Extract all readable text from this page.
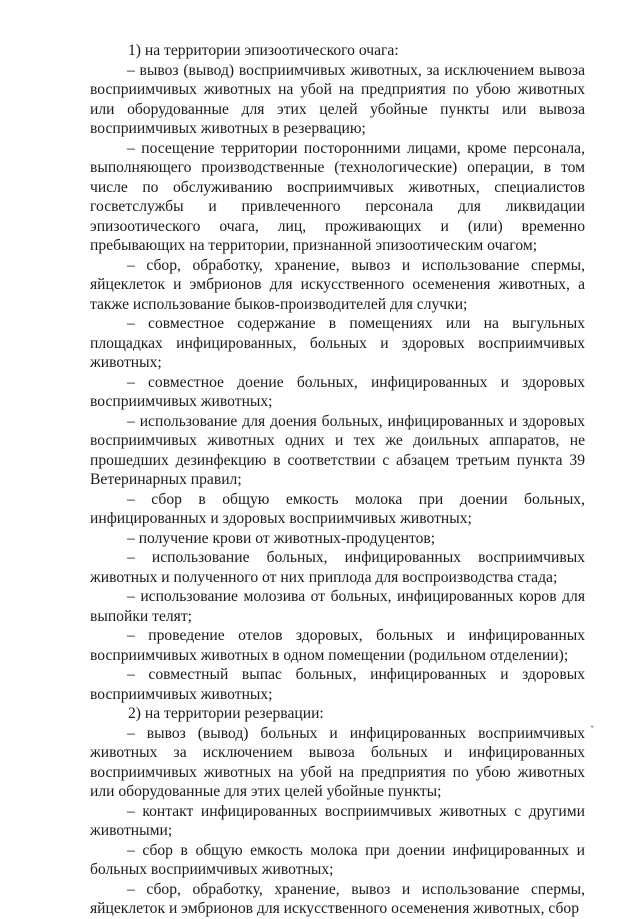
1) на территории эпизоотического очага:

– вывоз (вывод) восприимчивых животных, за исключением вывоза восприимчивых животных на убой на предприятия по убою животных или оборудованные для этих целей убойные пункты или вывоза восприимчивых животных в резервацию;

– посещение территории посторонними лицами, кроме персонала, выполняющего производственные (технологические) операции, в том числе по обслуживанию восприимчивых животных, специалистов госветслужбы и привлеченного персонала для ликвидации эпизоотического очага, лиц, проживающих и (или) временно пребывающих на территории, признанной эпизоотическим очагом;

– сбор, обработку, хранение, вывоз и использование спермы, яйцеклеток и эмбрионов для искусственного осеменения животных, а также использование быков-производителей для случки;

– совместное содержание в помещениях или на выгульных площадках инфицированных, больных и здоровых восприимчивых животных;

– совместное доение больных, инфицированных и здоровых восприимчивых животных;

– использование для доения больных, инфицированных и здоровых восприимчивых животных одних и тех же доильных аппаратов, не прошедших дезинфекцию в соответствии с абзацем третьим пункта 39 Ветеринарных правил;

– сбор в общую емкость молока при доении больных, инфицированных и здоровых восприимчивых животных;

– получение крови от животных-продуцентов;

– использование больных, инфицированных восприимчивых животных и полученного от них приплода для воспроизводства стада;

– использование молозива от больных, инфицированных коров для выпойки телят;

– проведение отелов здоровых, больных и инфицированных восприимчивых животных в одном помещении (родильном отделении);

– совместный выпас больных, инфицированных и здоровых восприимчивых животных;

2) на территории резервации:

– вывоз (вывод) больных и инфицированных восприимчивых животных за исключением вывоза больных и инфицированных восприимчивых животных на убой на предприятия по убою животных или оборудованные для этих целей убойные пункты;

– контакт инфицированных восприимчивых животных с другими животными;

– сбор в общую емкость молока при доении инфицированных и больных восприимчивых животных;

– сбор, обработку, хранение, вывоз и использование спермы, яйцеклеток и эмбрионов для искусственного осеменения животных, сбор

ˇ
